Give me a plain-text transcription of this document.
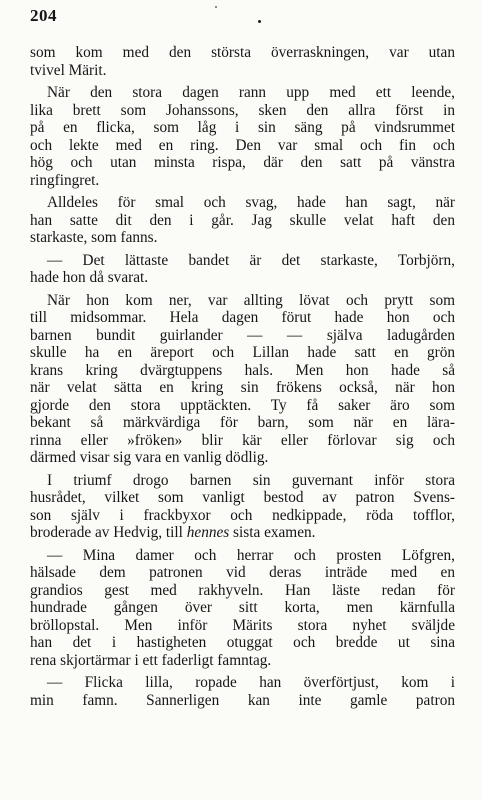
204

som kom med den största överraskningen, var utan
tvivel Märit.

När den stora dagen rann upp med ett leende,
lika brett som Johanssons, sken den allra först in
på en flicka, som låg i sin säng på vindsrummet
och lekte med en ring. Den var smal och fin och
hög och utan minsta rispa, där den satt på vänstra
ringfingret.

Alldeles för smal och svag, hade han sagt, när
han satte dit den i går. Jag skulle velat haft den
starkaste, som fanns.

— Det lättaste bandet är det starkaste, Torbjörn,
hade hon då svarat.

När hon kom ner, var allting lövat och prytt som
till midsommar. Hela dagen förut hade hon och
barnen bundit guirlander — — själva ladugården
skulle ha en äreport och Lillan hade satt en grön
krans kring dvärgtuppens hals. Men hon hade så
när velat sätta en kring sin frökens också, när hon
gjorde den stora upptäckten. Ty få saker äro som
bekant så märkvärdiga för barn, som när en lära-
rinna eller »fröken» blir kär eller förlovar sig och
därmed visar sig vara en vanlig dödlig.

I triumf drogo barnen sin guvernant inför stora
husrådet, vilket som vanligt bestod av patron Svens-
son själv i frackbyxor och nedkippade, röda tofflor,
broderade av Hedvig, till hennes sista examen.

— Mina damer och herrar och prosten Löfgren,
hälsade dem patronen vid deras inträde med en
grandios gest med rakhyveln. Han läste redan för
hundrade gången över sitt korta, men kärnfulla
bröllopstal. Men inför Märits stora nyhet sväljde
han det i hastigheten otuggat och bredde ut sina
rena skjortärmar i ett faderligt famntag.

— Flicka lilla, ropade han överförtjust, kom i
min famn. Sannerligen kan inte gamle patron
